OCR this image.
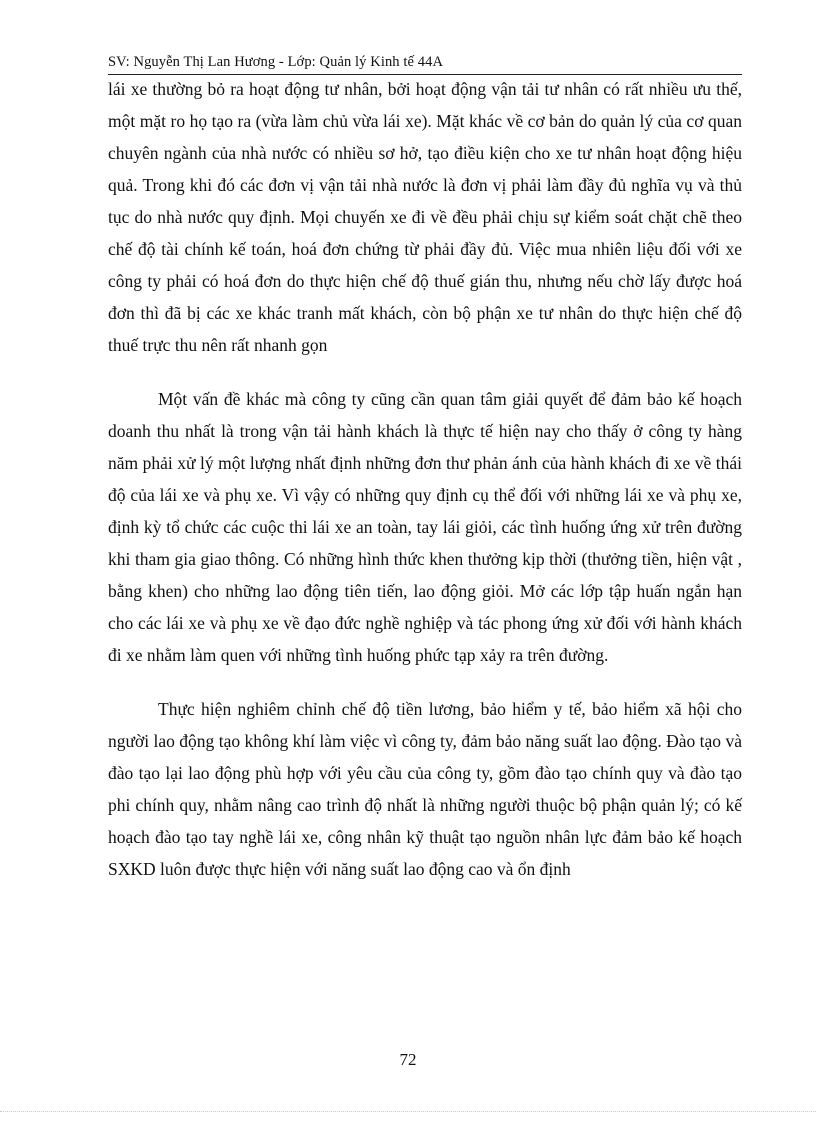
SV: Nguyễn Thị Lan Hương - Lớp: Quản lý Kinh tế 44A

lái xe thường bỏ ra hoạt động tư nhân, bởi hoạt động vận tải tư nhân có rất nhiều ưu thế, một mặt ro họ tạo ra (vừa làm chủ vừa lái xe). Mặt khác về cơ bản do quản lý của cơ quan chuyên ngành của nhà nước có nhiều sơ hở, tạo điều kiện cho xe tư nhân hoạt động hiệu quả. Trong khi đó các đơn vị vận tải nhà nước là đơn vị phải làm đầy đủ nghĩa vụ và thủ tục do nhà nước quy định. Mọi chuyến xe đi về đều phải chịu sự kiểm soát chặt chẽ theo chế độ tài chính kế toán, hoá đơn chứng từ phải đầy đủ. Việc mua nhiên liệu đối với xe công ty phải có hoá đơn do thực hiện chế độ thuế gián thu, nhưng nếu chờ lấy được hoá đơn thì đã bị các xe khác tranh mất khách, còn bộ phận xe tư nhân do thực hiện chế độ thuế trực thu nên rất nhanh gọn

Một vấn đề khác mà công ty cũng cần quan tâm giải quyết để đảm bảo kế hoạch doanh thu nhất là trong vận tải hành khách là thực tế hiện nay cho thấy ở công ty hàng năm phải xử lý một lượng nhất định những đơn thư phản ánh của hành khách đi xe về thái độ của lái xe và phụ xe. Vì vậy có những quy định cụ thể đối với những lái xe và phụ xe, định kỳ tổ chức các cuộc thi lái xe an toàn, tay lái giỏi, các tình huống ứng xử trên đường khi tham gia giao thông. Có những hình thức khen thưởng kịp thời (thưởng tiền, hiện vật , bằng khen) cho những lao động tiên tiến, lao động giỏi. Mở các lớp tập huấn ngắn hạn cho các lái xe và phụ xe về đạo đức nghề nghiệp và tác phong ứng xử đối với hành khách đi xe nhằm làm quen với những tình huống phức tạp xảy ra trên đường.

Thực hiện nghiêm chỉnh chế độ tiền lương, bảo hiểm y tế, bảo hiểm xã hội cho người lao động tạo không khí làm việc vì công ty, đảm bảo năng suất lao động. Đào tạo và đào tạo lại lao động phù hợp với yêu cầu của công ty, gồm đào tạo chính quy và đào tạo phi chính quy, nhằm nâng cao trình độ nhất là những người thuộc bộ phận quản lý; có kế hoạch đào tạo tay nghề lái xe, công nhân kỹ thuật tạo nguồn nhân lực đảm bảo kế hoạch SXKD luôn được thực hiện với năng suất lao động cao và ổn định

72
